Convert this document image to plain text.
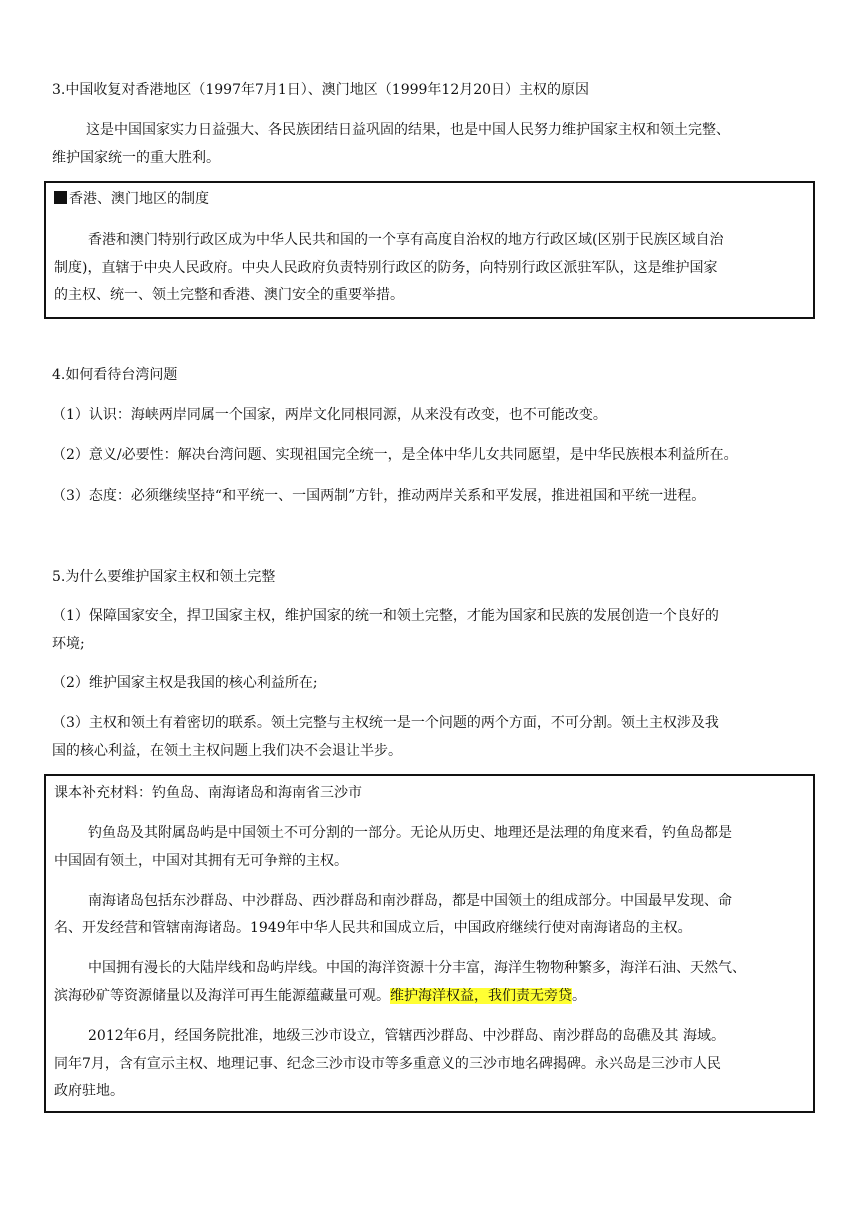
3.中国收复对香港地区（1997年7月1日）、澳门地区（1999年12月20日）主权的原因
这是中国国家实力日益强大、各民族团结日益巩固的结果，也是中国人民努力维护国家主权和领土完整、
维护国家统一的重大胜利。
香港、澳门地区的制度
香港和澳门特别行政区成为中华人民共和国的一个享有高度自治权的地方行政区域(区别于民族区域自治
制度)，直辖于中央人民政府。中央人民政府负责特别行政区的防务，向特别行政区派驻军队，这是维护国家
的主权、统一、领土完整和香港、澳门安全的重要举措。
4.如何看待台湾问题
（1）认识：海峡两岸同属一个国家，两岸文化同根同源，从来没有改变，也不可能改变。
（2）意义/必要性：解决台湾问题、实现祖国完全统一，是全体中华儿女共同愿望，是中华民族根本利益所在。
（3）态度：必须继续坚持“和平统一、一国两制”方针，推动两岸关系和平发展，推进祖国和平统一进程。
5.为什么要维护国家主权和领土完整
（1）保障国家安全，捍卫国家主权，维护国家的统一和领土完整，才能为国家和民族的发展创造一个良好的
环境;
（2）维护国家主权是我国的核心利益所在;
（3）主权和领土有着密切的联系。领土完整与主权统一是一个问题的两个方面，不可分割。领土主权涉及我
国的核心利益，在领土主权问题上我们决不会退让半步。
课本补充材料：钓鱼岛、南海诸岛和海南省三沙市
钓鱼岛及其附属岛屿是中国领土不可分割的一部分。无论从历史、地理还是法理的角度来看，钓鱼岛都是
中国固有领土，中国对其拥有无可争辩的主权。
南海诸岛包括东沙群岛、中沙群岛、西沙群岛和南沙群岛，都是中国领土的组成部分。中国最早发现、命
名、开发经营和管辖南海诸岛。1949年中华人民共和国成立后，中国政府继续行使对南海诸岛的主权。
中国拥有漫长的大陆岸线和岛屿岸线。中国的海洋资源十分丰富，海洋生物物种繁多，海洋石油、天然气、
滨海砂矿等资源储量以及海洋可再生能源蕴藏量可观。维护海洋权益，我们责无旁贷。
2012年6月，经国务院批准，地级三沙市设立，管辖西沙群岛、中沙群岛、南沙群岛的岛礁及其 海域。
同年7月，含有宣示主权、地理记事、纪念三沙市设市等多重意义的三沙市地名碑揭碑。永兴岛是三沙市人民
政府驻地。
